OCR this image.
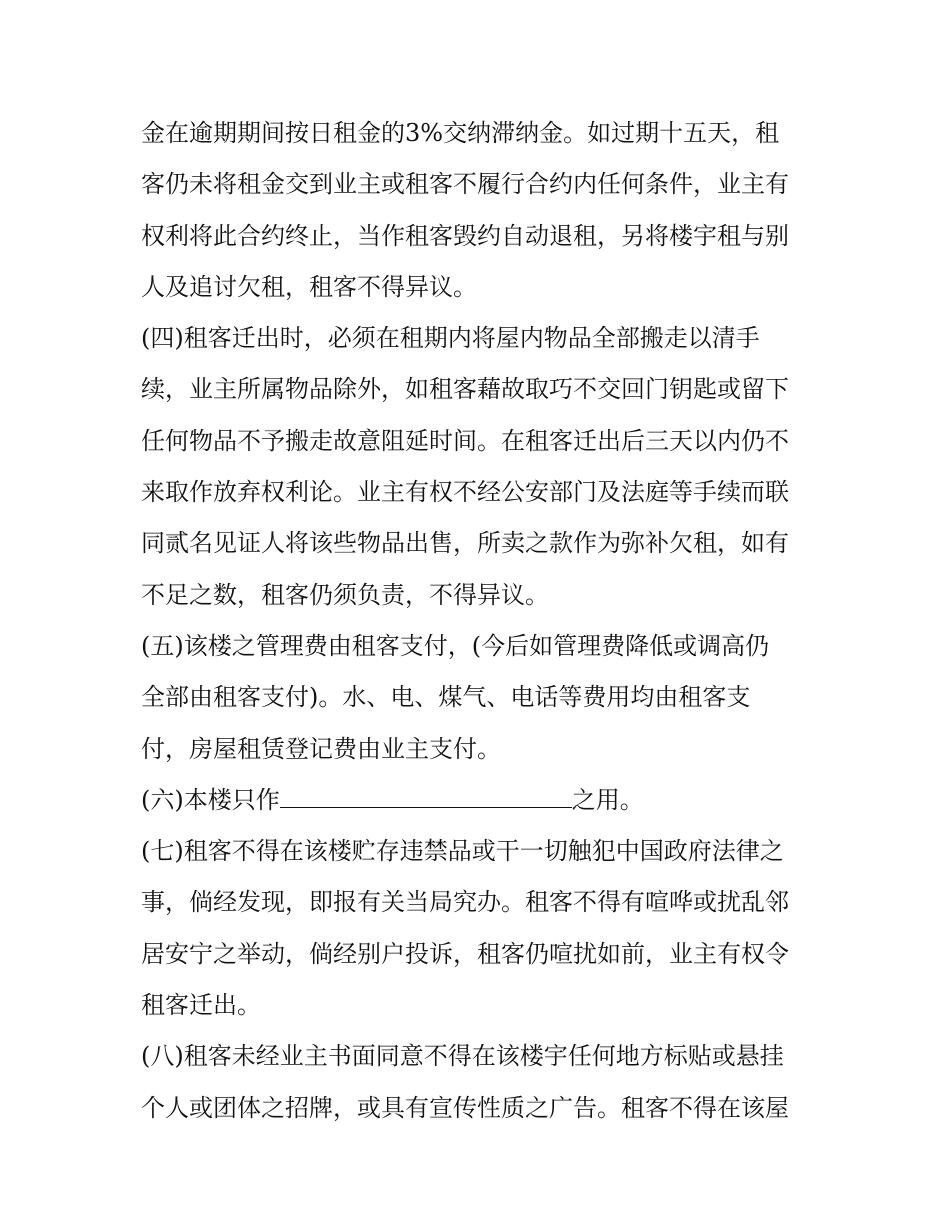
金在逾期期间按日租金的3%交纳滞纳金。如过期十五天，租

客仍未将租金交到业主或租客不履行合约内任何条件，业主有

权利将此合约终止，当作租客毁约自动退租，另将楼宇租与别

人及追讨欠租，租客不得异议。

(四)租客迁出时，必须在租期内将屋内物品全部搬走以清手

续，业主所属物品除外，如租客藉故取巧不交回门钥匙或留下

任何物品不予搬走故意阻延时间。在租客迁出后三天以内仍不

来取作放弃权利论。业主有权不经公安部门及法庭等手续而联

同贰名见证人将该些物品出售，所卖之款作为弥补欠租，如有

不足之数，租客仍须负责，不得异议。

(五)该楼之管理费由租客支付，(今后如管理费降低或调高仍

全部由租客支付)。水、电、煤气、电话等费用均由租客支

付，房屋租赁登记费由业主支付。

(六)本楼只作	之用。

(七)租客不得在该楼贮存违禁品或干一切触犯中国政府法律之

事，倘经发现，即报有关当局究办。租客不得有喧哗或扰乱邻

居安宁之举动，倘经别户投诉，租客仍喧扰如前，业主有权令

租客迁出。

(八)租客未经业主书面同意不得在该楼宇任何地方标贴或悬挂

个人或团体之招牌，或具有宣传性质之广告。租客不得在该屋
